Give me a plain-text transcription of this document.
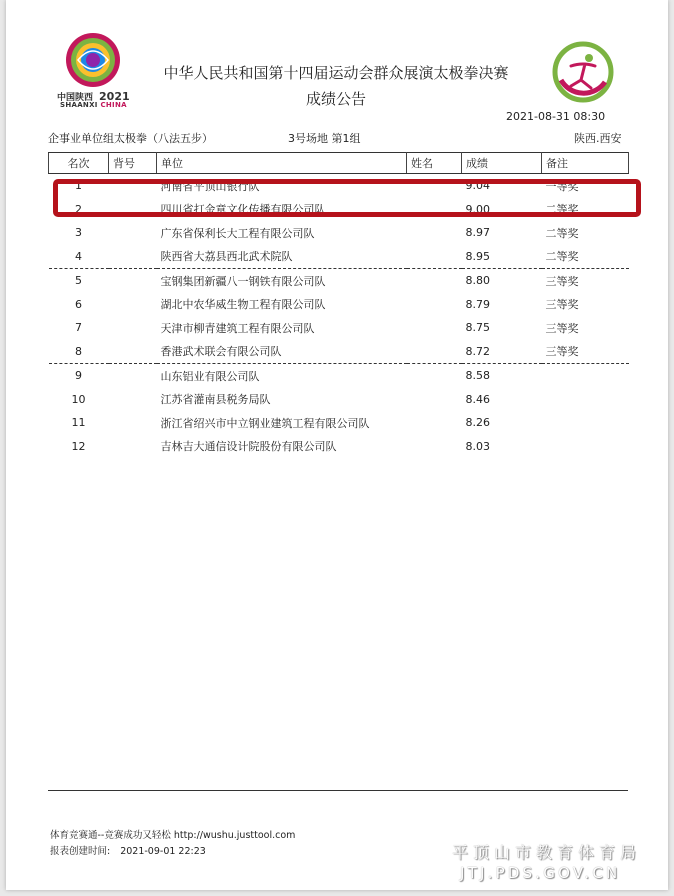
中国陕西 2021
SHAANXI CHINA
中华人民共和国第十四届运动会群众展演太极拳决赛
成绩公告
2021-08-31 08:30
企事业单位组太极拳（八法五步）	3号场地 第1组	陕西.西安
名次	背号	单位	姓名	成绩	备注
1		河南省平顶山银行队		9.04	一等奖
2		四川省打金章文化传播有限公司队		9.00	二等奖
3		广东省保利长大工程有限公司队		8.97	二等奖
4		陕西省大荔县西北武术院队		8.95	二等奖
5		宝钢集团新疆八一钢铁有限公司队		8.80	三等奖
6		湖北中农华威生物工程有限公司队		8.79	三等奖
7		天津市柳青建筑工程有限公司队		8.75	三等奖
8		香港武术联会有限公司队		8.72	三等奖
9		山东铝业有限公司队		8.58	
10		江苏省灌南县税务局队		8.46	
11		浙江省绍兴市中立钢业建筑工程有限公司队		8.26	
12		吉林吉大通信设计院股份有限公司队		8.03	
体育竞赛通--竞赛成功又轻松 http://wushu.justtool.com
报表创建时间: 2021-09-01 22:23	平顶山市教育体育局
JTJ.PDS.GOV.CN
